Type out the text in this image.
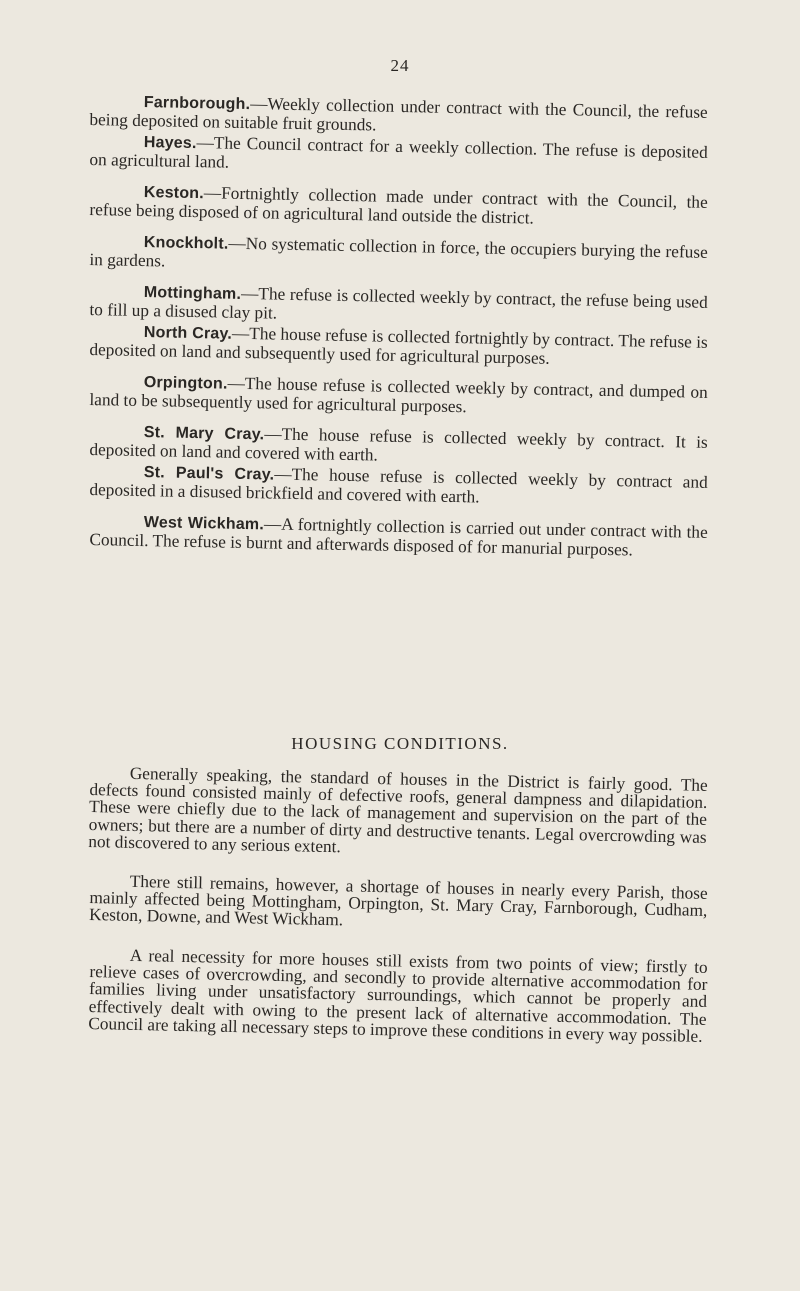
24

Farnborough.—Weekly collection under contract with the Council, the refuse being deposited on suitable fruit grounds.

Hayes.—The Council contract for a weekly collection. The refuse is deposited on agricultural land.

Keston.—Fortnightly collection made under contract with the Council, the refuse being disposed of on agricultural land outside the district.

Knockholt.—No systematic collection in force, the occupiers burying the refuse in gardens.

Mottingham.—The refuse is collected weekly by contract, the refuse being used to fill up a disused clay pit.

North Cray.—The house refuse is collected fortnightly by contract. The refuse is deposited on land and subsequently used for agricultural purposes.

Orpington.—The house refuse is collected weekly by contract, and dumped on land to be subsequently used for agricultural purposes.

St. Mary Cray.—The house refuse is collected weekly by contract. It is deposited on land and covered with earth.

St. Paul's Cray.—The house refuse is collected weekly by contract and deposited in a disused brickfield and covered with earth.

West Wickham.—A fortnightly collection is carried out under contract with the Council. The refuse is burnt and afterwards disposed of for manurial purposes.

HOUSING CONDITIONS.

Generally speaking, the standard of houses in the District is fairly good. The defects found consisted mainly of defective roofs, general dampness and dilapidation. These were chiefly due to the lack of management and supervision on the part of the owners; but there are a number of dirty and destructive tenants. Legal overcrowding was not discovered to any serious extent.

There still remains, however, a shortage of houses in nearly every Parish, those mainly affected being Mottingham, Orpington, St. Mary Cray, Farnborough, Cudham, Keston, Downe, and West Wickham.

A real necessity for more houses still exists from two points of view; firstly to relieve cases of overcrowding, and secondly to provide alternative accommodation for families living under unsatisfactory surroundings, which cannot be properly and effectively dealt with owing to the present lack of alternative accommodation. The Council are taking all necessary steps to improve these conditions in every way possible.
